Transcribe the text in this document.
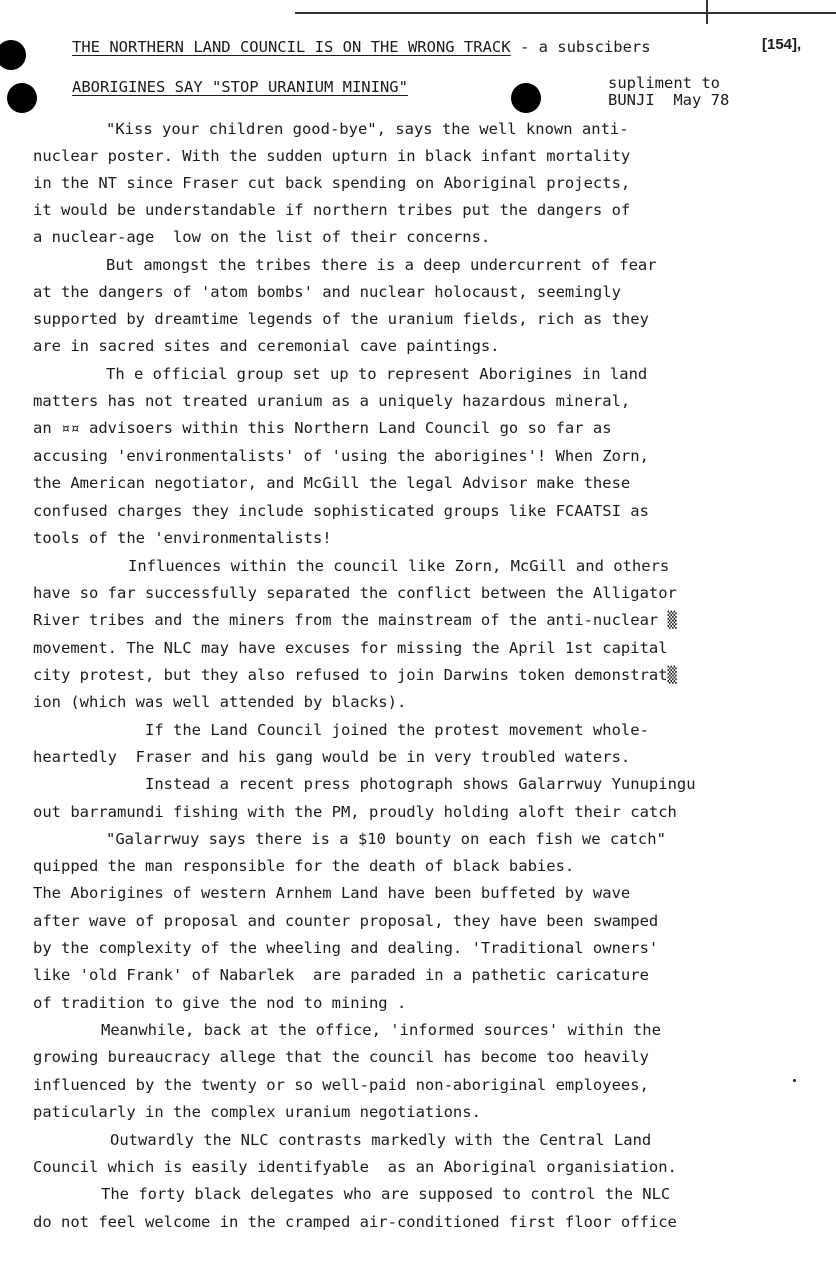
THE NORTHERN LAND COUNCIL IS ON THE WRONG TRACK - a subscibers	[154],
ABORIGINES SAY "STOP URANIUM MINING"	supliment to
BUNJI  May 78
"Kiss your children good-bye", says the well known anti-
nuclear poster. With the sudden upturn in black infant mortality
in the NT since Fraser cut back spending on Aboriginal projects,
it would be understandable if northern tribes put the dangers of
a nuclear-age  low on the list of their concerns.
But amongst the tribes there is a deep undercurrent of fear
at the dangers of 'atom bombs' and nuclear holocaust, seemingly
supported by dreamtime legends of the uranium fields, rich as they
are in sacred sites and ceremonial cave paintings.
Th e official group set up to represent Aborigines in land
matters has not treated uranium as a uniquely hazardous mineral,
an ¤¤ advisoers within this Northern Land Council go so far as
accusing 'environmentalists' of 'using the aborigines'! When Zorn,
the American negotiator, and McGill the legal Advisor make these
confused charges they include sophisticated groups like FCAATSI as
tools of the 'environmentalists!
Influences within the council like Zorn, McGill and others
have so far successfully separated the conflict between the Alligator
River tribes and the miners from the mainstream of the anti-nuclear ▒
movement. The NLC may have excuses for missing the April 1st capital
city protest, but they also refused to join Darwins token demonstrat▒
ion (which was well attended by blacks).
If the Land Council joined the protest movement whole-
heartedly  Fraser and his gang would be in very troubled waters.
Instead a recent press photograph shows Galarrwuy Yunupingu
out barramundi fishing with the PM, proudly holding aloft their catch
"Galarrwuy says there is a $10 bounty on each fish we catch"
quipped the man responsible for the death of black babies.
The Aborigines of western Arnhem Land have been buffeted by wave
after wave of proposal and counter proposal, they have been swamped
by the complexity of the wheeling and dealing. 'Traditional owners'
like 'old Frank' of Nabarlek  are paraded in a pathetic caricature
of tradition to give the nod to mining .
Meanwhile, back at the office, 'informed sources' within the
growing bureaucracy allege that the council has become too heavily
influenced by the twenty or so well-paid non-aboriginal employees,
paticularly in the complex uranium negotiations.
Outwardly the NLC contrasts markedly with the Central Land
Council which is easily identifyable  as an Aboriginal organisiation.
The forty black delegates who are supposed to control the NLC
do not feel welcome in the cramped air-conditioned first floor office
